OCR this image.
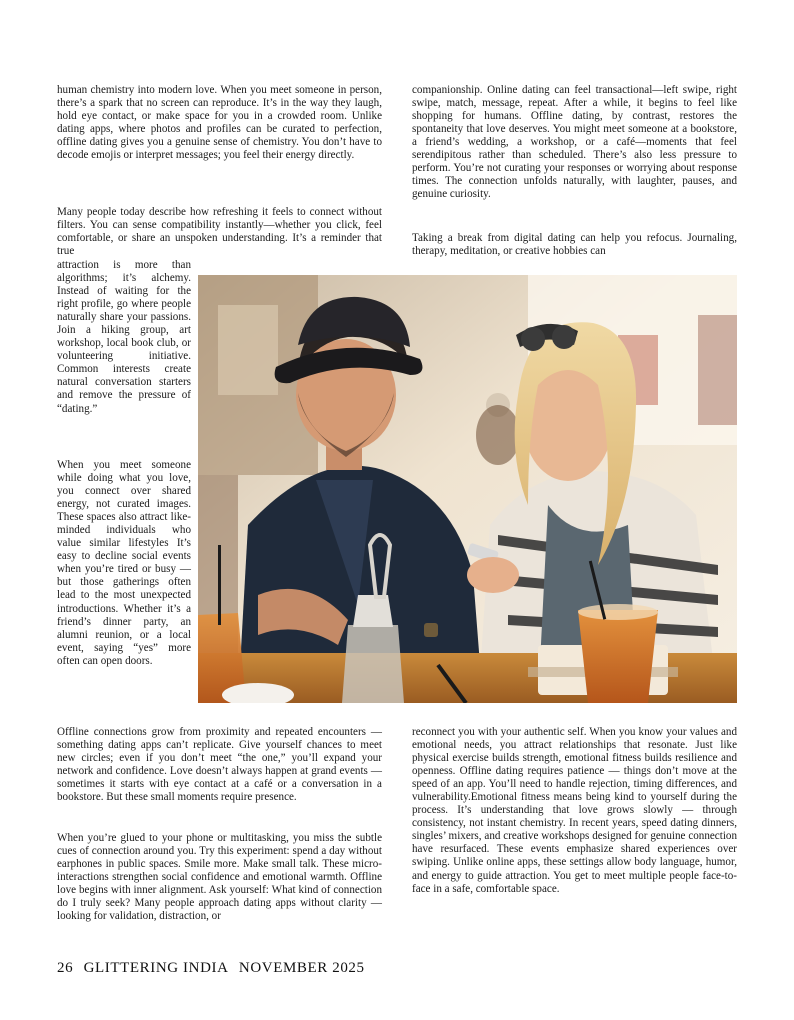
human chemistry into modern love. When you meet someone in person, there’s a spark that no screen can reproduce. It’s in the way they laugh, hold eye contact, or make space for you in a crowded room. Unlike dating apps, where photos and profiles can be curated to perfection, offline dating gives you a genuine sense of chemistry. You don’t have to decode emojis or interpret messages; you feel their energy directly.

Many people today describe how refreshing it feels to connect without filters. You can sense compatibility instantly—whether you click, feel comfortable, or share an unspoken understanding. It’s a reminder that true

attraction is more than algorithms; it’s alchemy. Instead of waiting for the right profile, go where people naturally share your passions. Join a hiking group, art workshop, local book club, or volunteering initiative. Common interests create natural conversation starters and remove the pressure of “dating.”

When you meet someone while doing what you love, you connect over shared energy, not curated images. These spaces also attract like-minded individuals who value similar lifestyles It’s easy to decline social events when you’re tired or busy — but those gatherings often lead to the most unexpected introductions. Whether it’s a friend’s dinner party, an alumni reunion, or a local event, saying “yes” more often can open doors.

Offline connections grow from proximity and repeated encounters — something dating apps can’t replicate. Give yourself chances to meet new circles; even if you don’t meet “the one,” you’ll expand your network and confidence. Love doesn’t always happen at grand events — sometimes it starts with eye contact at a café or a conversation in a bookstore. But these small moments require presence.

When you’re glued to your phone or multitasking, you miss the subtle cues of connection around you. Try this experiment: spend a day without earphones in public spaces. Smile more. Make small talk. These micro-interactions strengthen social confidence and emotional warmth. Offline love begins with inner alignment. Ask yourself: What kind of connection do I truly seek? Many people approach dating apps without clarity — looking for validation, distraction, or

companionship. Online dating can feel transactional—left swipe, right swipe, match, message, repeat. After a while, it begins to feel like shopping for humans. Offline dating, by contrast, restores the spontaneity that love deserves. You might meet someone at a bookstore, a friend’s wedding, a workshop, or a café—moments that feel serendipitous rather than scheduled. There’s also less pressure to perform. You’re not curating your responses or worrying about response times. The connection unfolds naturally, with laughter, pauses, and genuine curiosity.

Taking a break from digital dating can help you refocus. Journaling, therapy, meditation, or creative hobbies can

reconnect you with your authentic self. When you know your values and emotional needs, you attract relationships that resonate. Just like physical exercise builds strength, emotional fitness builds resilience and openness. Offline dating requires patience — things don’t move at the speed of an app. You’ll need to handle rejection, timing differences, and vulnerability.Emotional fitness means being kind to yourself during the process. It’s understanding that love grows slowly — through consistency, not instant chemistry. In recent years, speed dating dinners, singles’ mixers, and creative workshops designed for genuine connection have resurfaced. These events emphasize shared experiences over swiping. Unlike online apps, these settings allow body language, humor, and energy to guide attraction. You get to meet multiple people face-to-face in a safe, comfortable space.

26 GLITTERING INDIA NOVEMBER 2025
